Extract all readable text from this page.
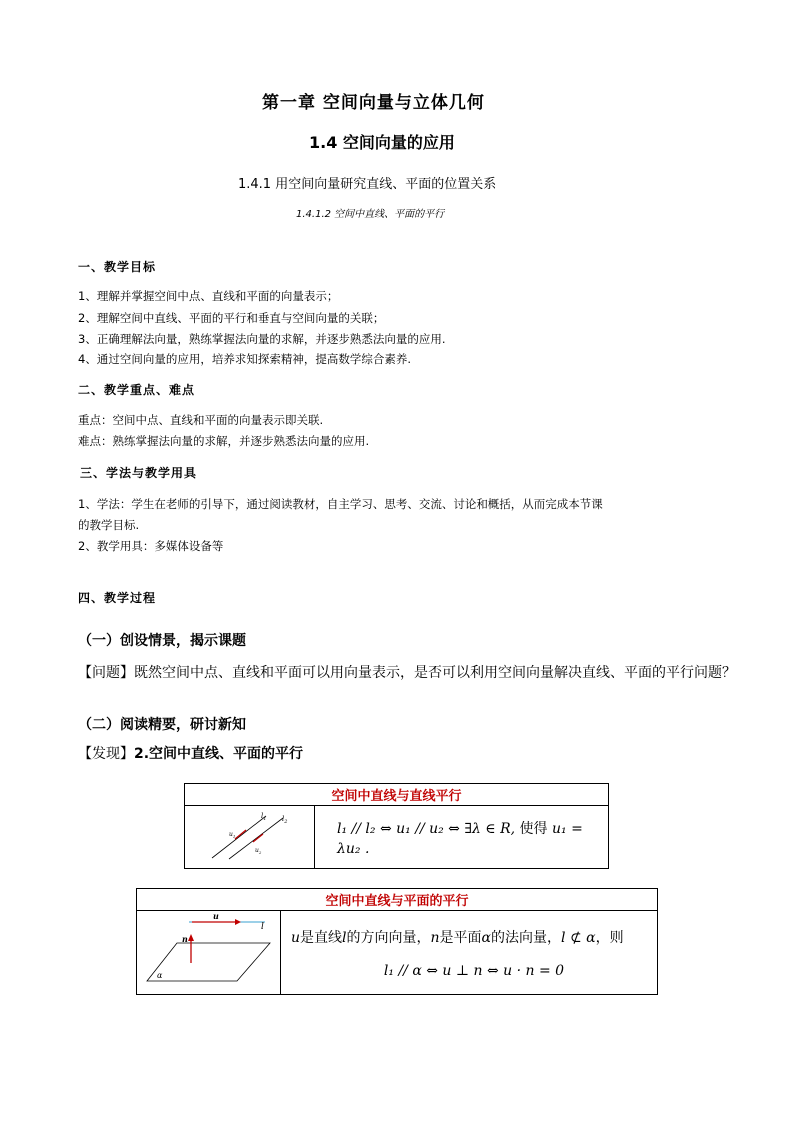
第一章 空间向量与立体几何
1.4 空间向量的应用
1.4.1 用空间向量研究直线、平面的位置关系
1.4.1.2 空间中直线、平面的平行
一、教学目标
1、理解并掌握空间中点、直线和平面的向量表示；
2、理解空间中直线、平面的平行和垂直与空间向量的关联；
3、正确理解法向量，熟练掌握法向量的求解，并逐步熟悉法向量的应用.
4、通过空间向量的应用，培养求知探索精神，提高数学综合素养.
二、教学重点、难点
重点：空间中点、直线和平面的向量表示即关联.
难点：熟练掌握法向量的求解，并逐步熟悉法向量的应用.
三、学法与教学用具
1、学法：学生在老师的引导下，通过阅读教材，自主学习、思考、交流、讨论和概括，从而完成本节课
的教学目标.
2、教学用具：多媒体设备等
四、教学过程
（一）创设情景，揭示课题
【问题】既然空间中点、直线和平面可以用向量表示，是否可以利用空间向量解决直线、平面的平行问题？
（二）阅读精要，研讨新知
【发现】2.空间中直线、平面的平行
空间中直线与直线平行

$l_1$ $l_2$
$u_1$
$u_2$
	l₁ // l₂ ⇔ u₁ // u₂ ⇔ ∃λ ∈ R, 使得 u₁ = λu₂ .
空间中直线与平面的平行

u
l
n
α

u是直线l的方向向量，n是平面α的法向量，l ⊄ α，则
l₁ // α ⇔ u ⊥ n ⇔ u · n = 0
